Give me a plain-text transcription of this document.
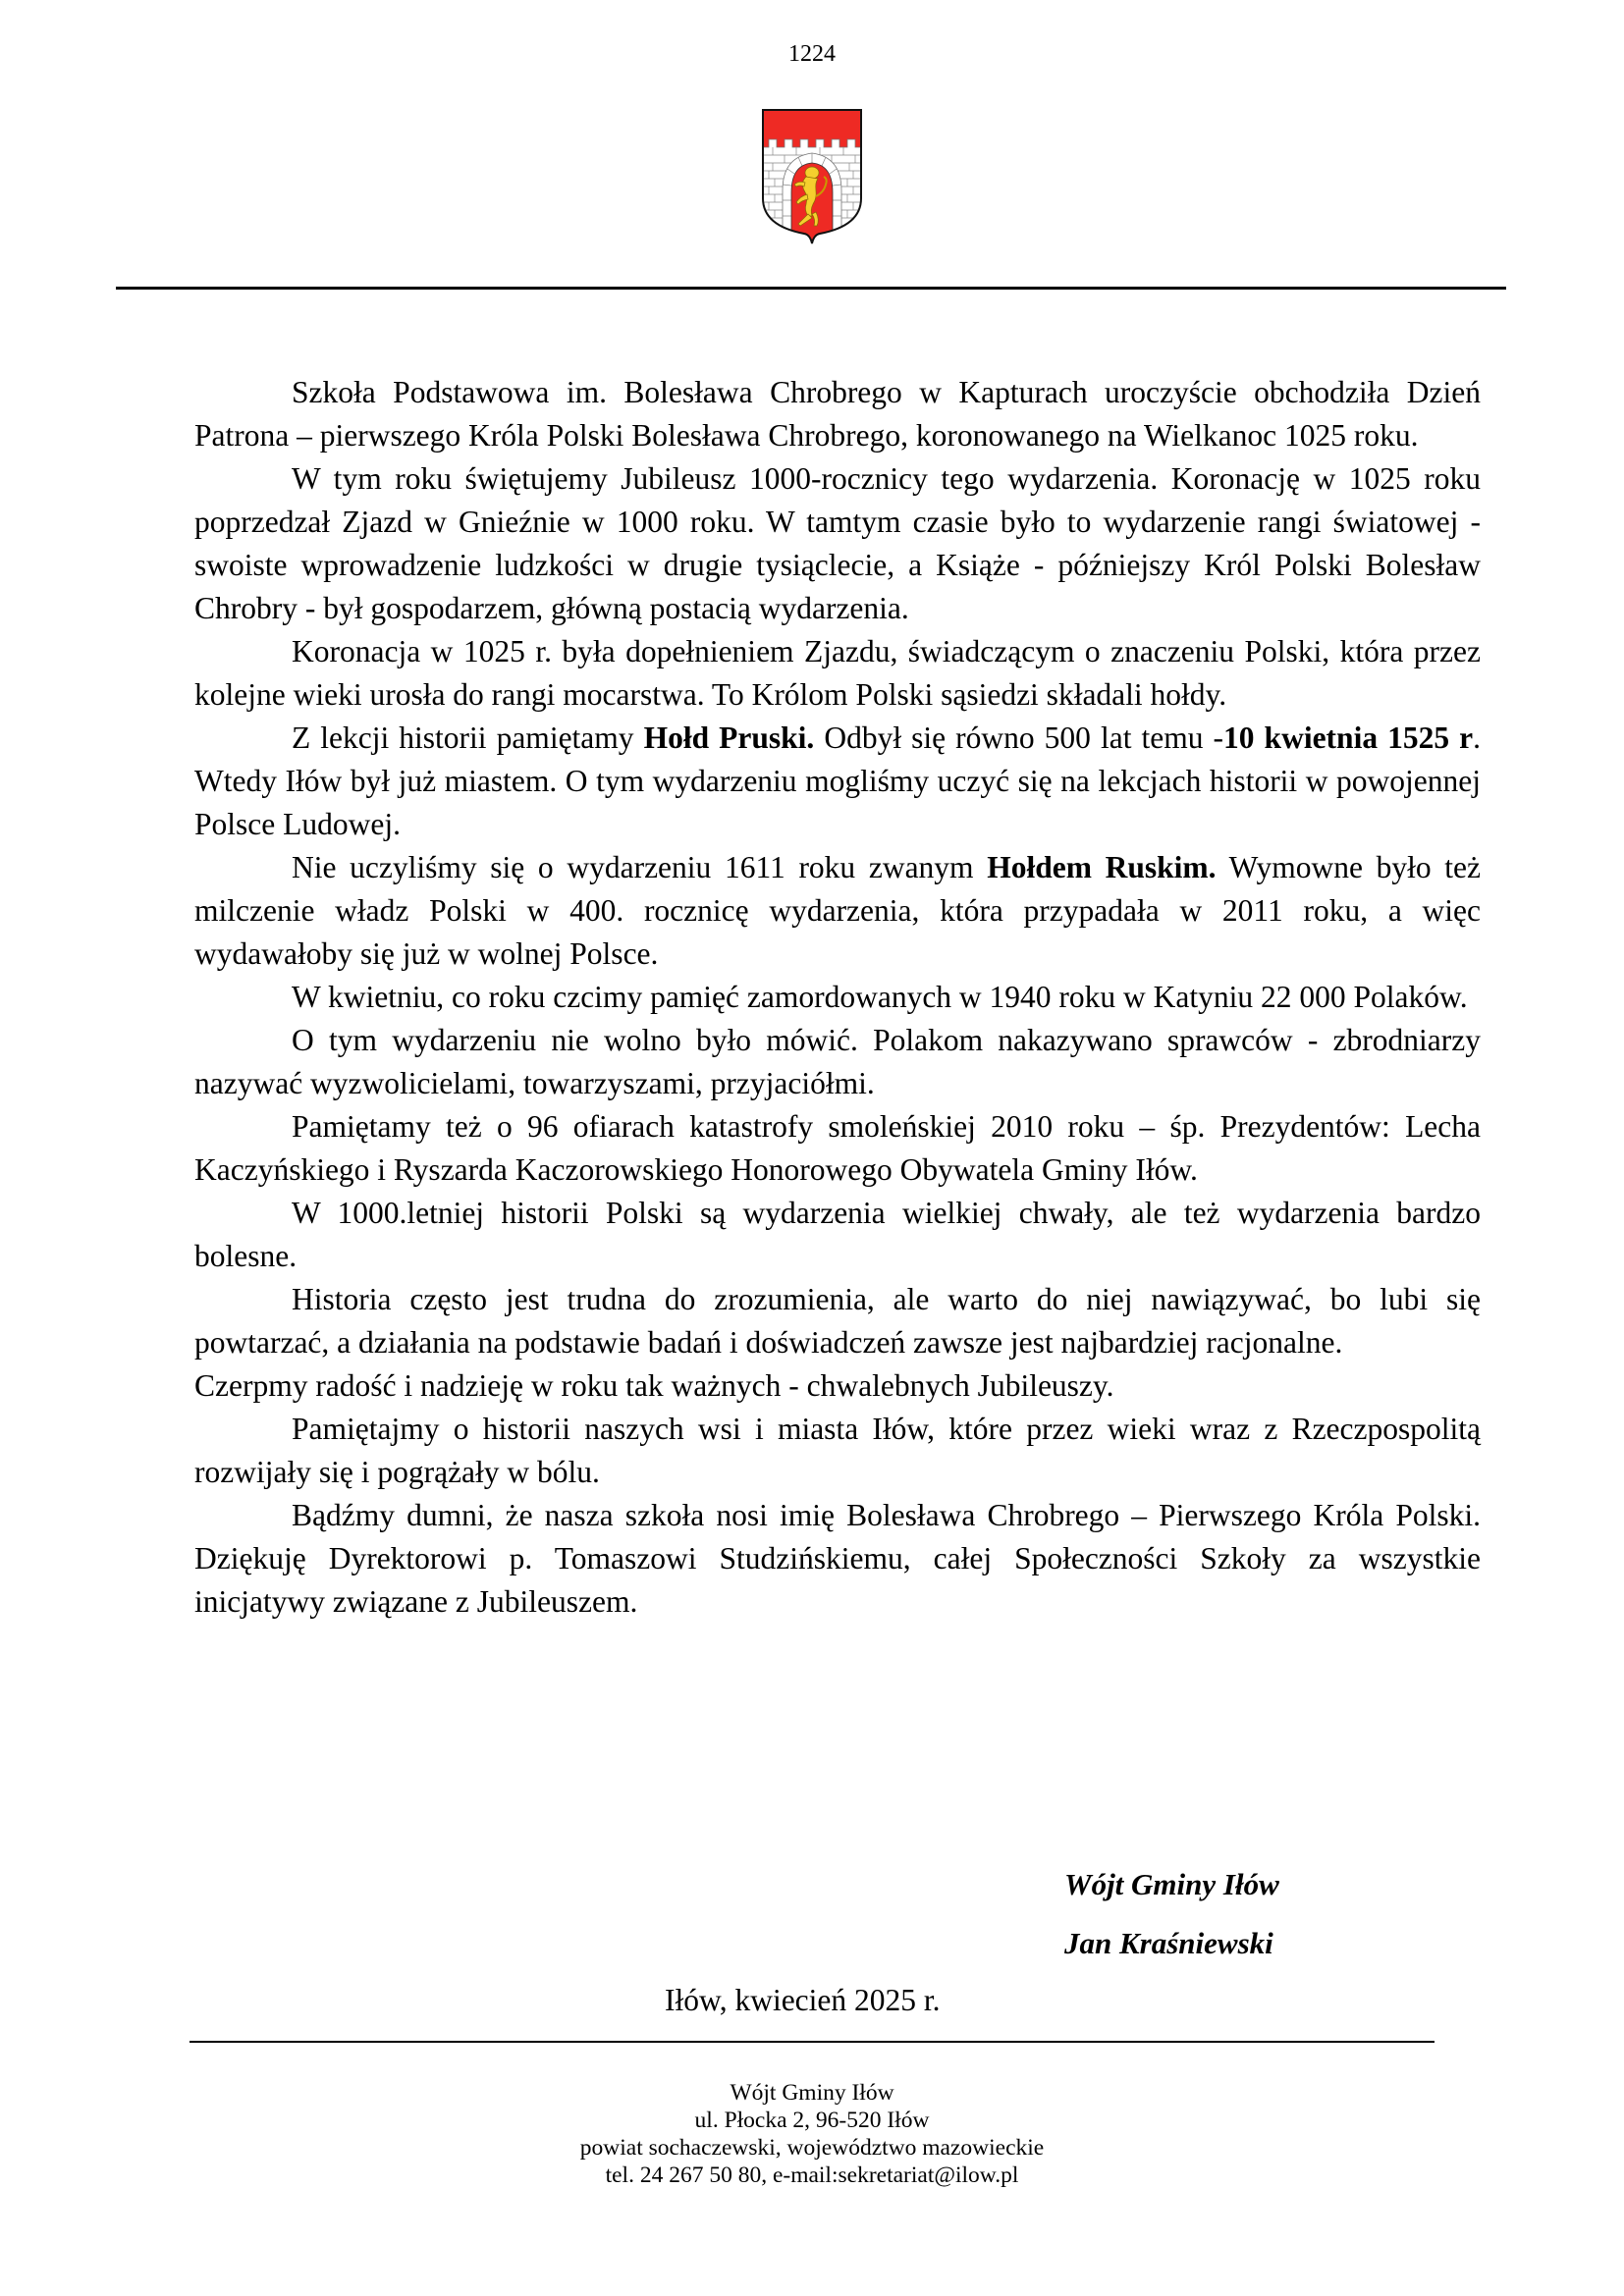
1224

Szkoła Podstawowa im. Bolesława Chrobrego w Kapturach uroczyście obchodziła Dzień Patrona – pierwszego Króla Polski Bolesława Chrobrego, koronowanego na Wielkanoc 1025 roku.

W tym roku świętujemy Jubileusz 1000-rocznicy tego wydarzenia. Koronację w 1025 roku poprzedzał Zjazd w Gnieźnie w 1000 roku. W tamtym czasie było to wydarzenie rangi światowej - swoiste wprowadzenie ludzkości w drugie tysiąclecie, a Książe - późniejszy Król Polski Bolesław Chrobry - był gospodarzem, główną postacią wydarzenia.

Koronacja w 1025 r. była dopełnieniem Zjazdu, świadczącym o znaczeniu Polski, która przez kolejne wieki urosła do rangi mocarstwa. To Królom Polski sąsiedzi składali hołdy.

Z lekcji historii pamiętamy Hołd Pruski. Odbył się równo 500 lat temu -10 kwietnia 1525 r. Wtedy Iłów był już miastem. O tym wydarzeniu mogliśmy uczyć się na lekcjach historii w powojennej Polsce Ludowej.

Nie uczyliśmy się o wydarzeniu 1611 roku zwanym Hołdem Ruskim. Wymowne było też milczenie władz Polski w 400. rocznicę wydarzenia, która przypadała w 2011 roku, a więc wydawałoby się już w wolnej Polsce.

W kwietniu, co roku czcimy pamięć zamordowanych w 1940 roku w Katyniu 22 000 Polaków.

O tym wydarzeniu nie wolno było mówić. Polakom nakazywano sprawców - zbrodniarzy nazywać wyzwolicielami, towarzyszami, przyjaciółmi.

Pamiętamy też o 96 ofiarach katastrofy smoleńskiej 2010 roku – śp. Prezydentów: Lecha Kaczyńskiego i Ryszarda Kaczorowskiego Honorowego Obywatela Gminy Iłów.

W 1000.letniej historii Polski są wydarzenia wielkiej chwały, ale też wydarzenia bardzo bolesne.

Historia często jest trudna do zrozumienia, ale warto do niej nawiązywać, bo lubi się powtarzać, a działania na podstawie badań i doświadczeń zawsze jest najbardziej racjonalne.
Czerpmy radość i nadzieję w roku tak ważnych - chwalebnych Jubileuszy.

Pamiętajmy o historii naszych wsi i miasta Iłów, które przez wieki wraz z Rzeczpospolitą rozwijały się i pogrążały w bólu.

Bądźmy dumni, że nasza szkoła nosi imię Bolesława Chrobrego – Pierwszego Króla Polski. Dziękuję Dyrektorowi p. Tomaszowi Studzińskiemu, całej Społeczności Szkoły za wszystkie inicjatywy związane z Jubileuszem.

Wójt Gminy Iłów
Jan Kraśniewski
Iłów, kwiecień 2025 r.
Wójt Gminy Iłów
ul. Płocka 2, 96-520 Iłów
powiat sochaczewski, województwo mazowieckie
tel. 24 267 50 80, e-mail:sekretariat@ilow.pl
